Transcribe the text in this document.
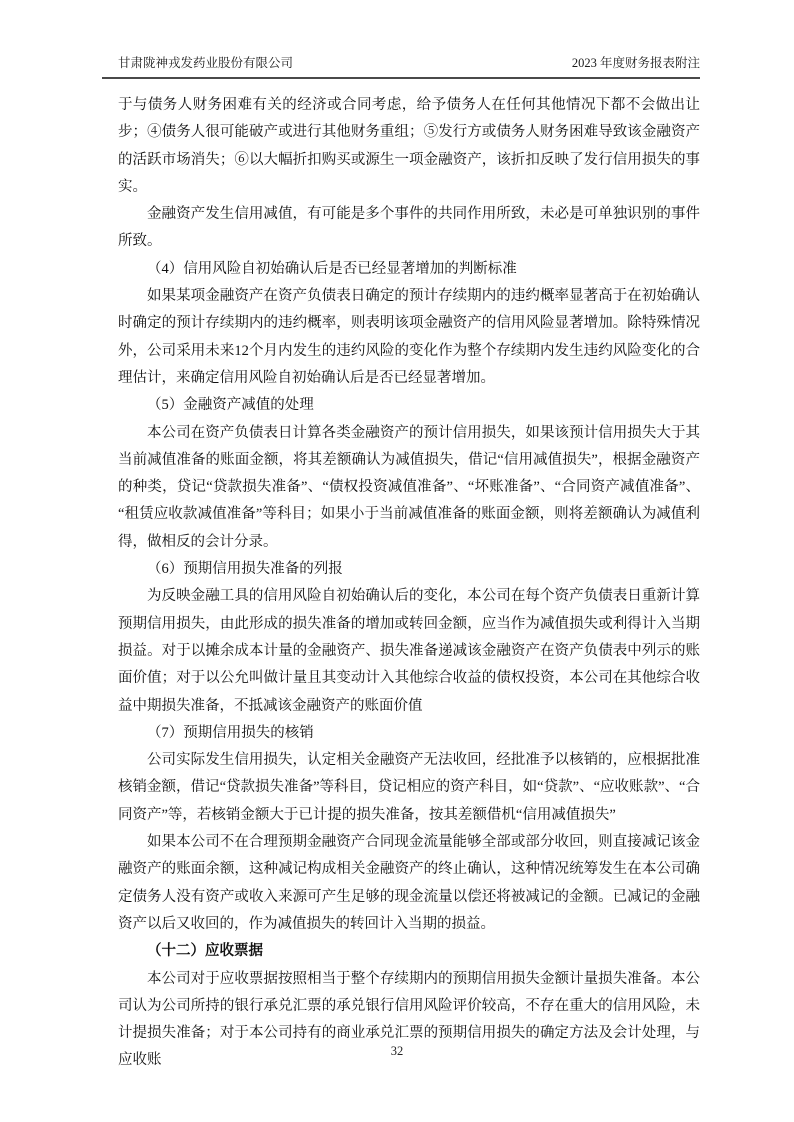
甘肃陇神戎发药业股份有限公司	2023 年度财务报表附注

于与债务人财务困难有关的经济或合同考虑，给予债务人在任何其他情况下都不会做出让步；④债务人很可能破产或进行其他财务重组；⑤发行方或债务人财务困难导致该金融资产的活跃市场消失；⑥以大幅折扣购买或源生一项金融资产，该折扣反映了发行信用损失的事实。

金融资产发生信用减值，有可能是多个事件的共同作用所致，未必是可单独识别的事件所致。

（4）信用风险自初始确认后是否已经显著增加的判断标准

如果某项金融资产在资产负债表日确定的预计存续期内的违约概率显著高于在初始确认时确定的预计存续期内的违约概率，则表明该项金融资产的信用风险显著增加。除特殊情况外，公司采用未来12个月内发生的违约风险的变化作为整个存续期内发生违约风险变化的合理估计，来确定信用风险自初始确认后是否已经显著增加。

（5）金融资产减值的处理

本公司在资产负债表日计算各类金融资产的预计信用损失，如果该预计信用损失大于其当前减值准备的账面金额，将其差额确认为减值损失，借记“信用减值损失”，根据金融资产的种类，贷记“贷款损失准备”、“债权投资减值准备”、“坏账准备”、“合同资产减值准备”、“租赁应收款减值准备”等科目；如果小于当前减值准备的账面金额，则将差额确认为减值利得，做相反的会计分录。

（6）预期信用损失准备的列报

为反映金融工具的信用风险自初始确认后的变化，本公司在每个资产负债表日重新计算预期信用损失，由此形成的损失准备的增加或转回金额，应当作为减值损失或利得计入当期损益。对于以摊余成本计量的金融资产、损失准备递减该金融资产在资产负债表中列示的账面价值；对于以公允叫做计量且其变动计入其他综合收益的债权投资，本公司在其他综合收益中期损失准备，不抵减该金融资产的账面价值

（7）预期信用损失的核销

公司实际发生信用损失，认定相关金融资产无法收回，经批准予以核销的，应根据批准核销金额，借记“贷款损失准备”等科目，贷记相应的资产科目，如“贷款”、“应收账款”、“合同资产”等，若核销金额大于已计提的损失准备，按其差额借机“信用减值损失”

如果本公司不在合理预期金融资产合同现金流量能够全部或部分收回，则直接减记该金融资产的账面余额，这种减记构成相关金融资产的终止确认，这种情况统筹发生在本公司确定债务人没有资产或收入来源可产生足够的现金流量以偿还将被减记的金额。已减记的金融资产以后又收回的，作为减值损失的转回计入当期的损益。

（十二）应收票据

本公司对于应收票据按照相当于整个存续期内的预期信用损失金额计量损失准备。本公司认为公司所持的银行承兑汇票的承兑银行信用风险评价较高，不存在重大的信用风险，未计提损失准备；对于本公司持有的商业承兑汇票的预期信用损失的确定方法及会计处理，与应收账

32
